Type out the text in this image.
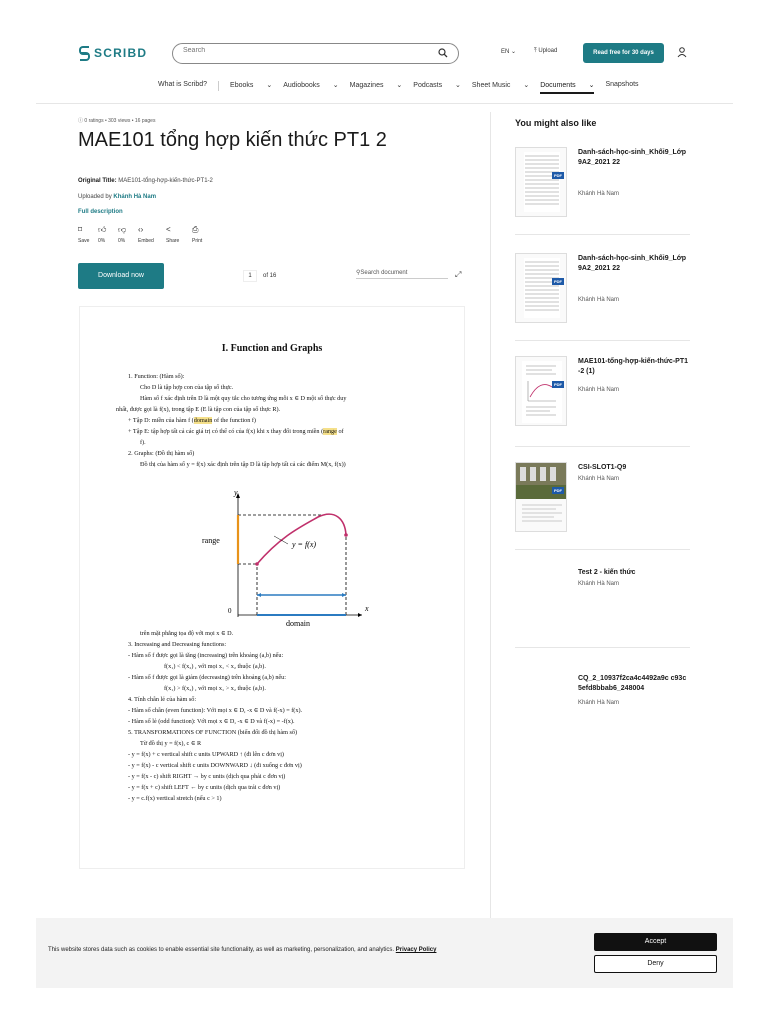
SCRIBD
Search	EN ⌄	⤒ Upload	Read free for 30 days
What is Scribd?	Ebooks ⌄ Audiobooks ⌄ Magazines ⌄ Podcasts ⌄ Sheet Music ⌄ Documents ⌄ Snapshots
ⓘ 0 ratings • 303 views • 16 pages
MAE101 tổng hợp kiến thức PT1 2
Original Title: MAE101-tổng-hợp-kiến-thức-PT1-2
Uploaded by Khánh Hà Nam
Full description
⌑
Save
👍︎
0%
👎︎
0%
‹›
Embed
<
Share
⎙
Print
Download now	1	of 16	⚲Search document	⤢
I. Function and Graphs
1. Function: (Hàm số):
Cho D là tập hợp con của tập số thực.
Hàm số f xác định trên D là một quy tắc cho tương ứng mỗi x ∈ D một số thực duy
nhất, được gọi là f(x), trong tập E (E là tập con của tập số thực R).
+ Tập D: miền của hàm f (domain of the function f)
+ Tập E: tập hợp tất cả các giá trị có thể có của f(x) khi x thay đổi trong miền (range of
f).
2. Graphs: (Đồ thị hàm số)
Đồ thị của hàm số y = f(x) xác định trên tập D là tập hợp tất cả các điểm M(x, f(x))
y
x
0
range
domain
y = f(x)
trên mặt phẳng tọa độ với mọi x ∈ D.
3. Increasing and Decreasing functions:
- Hàm số f được gọi là tăng (increasing) trên khoảng (a,b) nếu:
f(x₁) < f(x₂) , với mọi x₁ < x₂ thuộc (a,b).
- Hàm số f được gọi là giảm (decreasing) trên khoảng (a,b) nếu:
f(x₁) > f(x₂) , với mọi x₁ > x₂ thuộc (a,b).
4. Tính chẵn lẻ của hàm số:
- Hàm số chẵn (even function): Với mọi x ∈ D, -x ∈ D và f(-x) = f(x).
- Hàm số lẻ (odd function): Với mọi x ∈ D, -x ∈ D và f(-x) = -f(x).
5. TRANSFORMATIONS OF FUNCTION (biến đổi đồ thị hàm số)
Từ đồ thị y = f(x), c ∈ R
- y = f(x) + c vertical shift c units UPWARD ↑ (đi lên c đơn vị)
- y = f(x) - c vertical shift c units DOWNWARD ↓ (đi xuống c đơn vị)
- y = f(x - c) shift RIGHT → by c units (dịch qua phải c đơn vị)
- y = f(x + c) shift LEFT ← by c units (dịch qua trái c đơn vị)
- y = c.f(x) vertical stretch (nếu c > 1)
You might also like
PDF
Danh-sách-học-sinh_Khối9_Lớp9A2_2021 22
Khánh Hà Nam
PDF
Danh-sách-học-sinh_Khối9_Lớp9A2_2021 22
Khánh Hà Nam
PDF
MAE101-tổng-hợp-kiến-thức-PT1-2 (1)
Khánh Hà Nam
PDF
CSI-SLOT1-Q9
Khánh Hà Nam
Test 2 - kiến thức
Khánh Hà Nam
CQ_2_10937f2ca4c4492a9c c93c5efd8bbab6_248004
Khánh Hà Nam
This website stores data such as cookies to enable essential site functionality, as well as marketing, personalization, and analytics. Privacy Policy
Accept
Deny
